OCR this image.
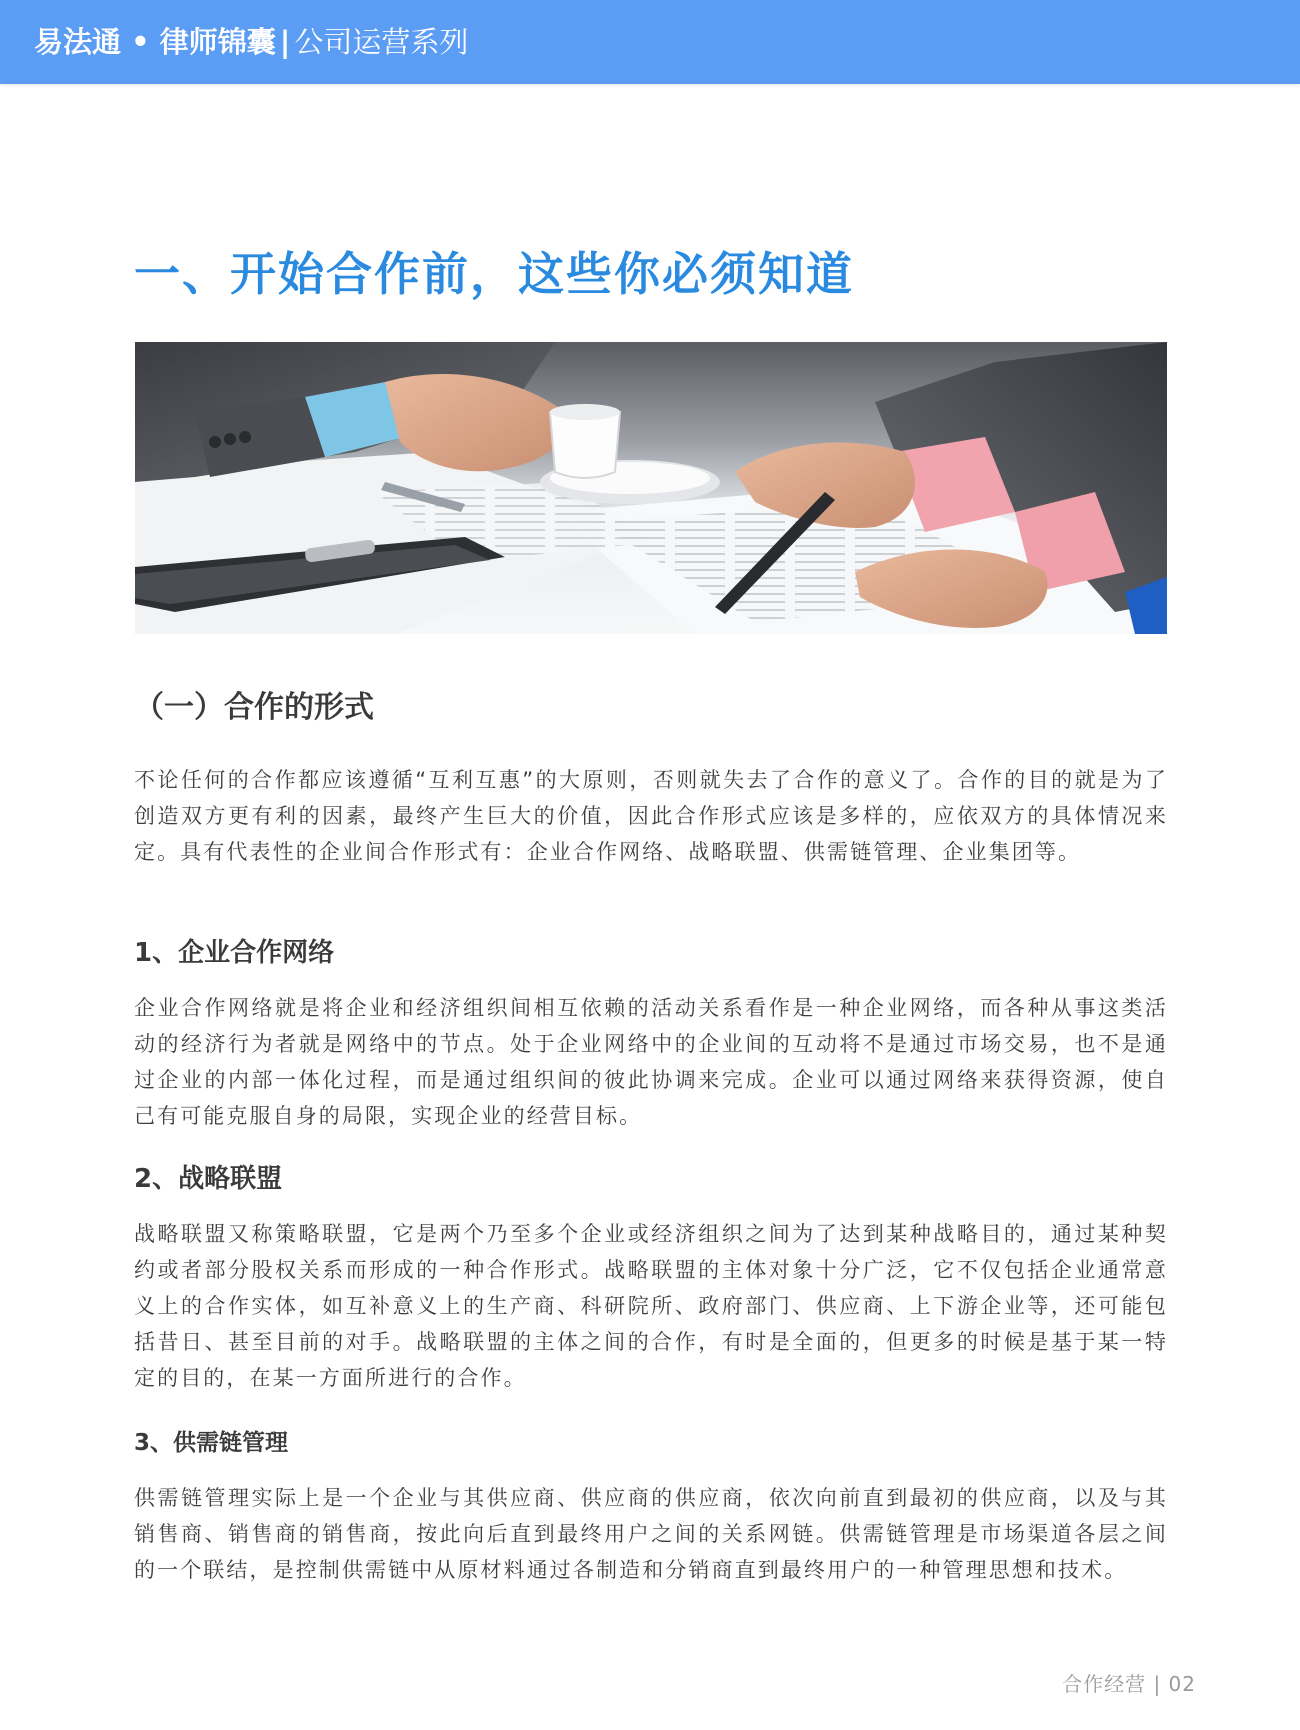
易法通 • 律师锦囊 | 公司运营系列
一、开始合作前，这些你必须知道
（一）合作的形式

不论任何的合作都应该遵循“互利互惠”的大原则，否则就失去了合作的意义了。合作的目的就是为了创造双方更有利的因素，最终产生巨大的价值，因此合作形式应该是多样的，应依双方的具体情况来定。具有代表性的企业间合作形式有：企业合作网络、战略联盟、供需链管理、企业集团等。

1、企业合作网络

企业合作网络就是将企业和经济组织间相互依赖的活动关系看作是一种企业网络，而各种从事这类活动的经济行为者就是网络中的节点。处于企业网络中的企业间的互动将不是通过市场交易，也不是通过企业的内部一体化过程，而是通过组织间的彼此协调来完成。企业可以通过网络来获得资源，使自己有可能克服自身的局限，实现企业的经营目标。

2、战略联盟

战略联盟又称策略联盟，它是两个乃至多个企业或经济组织之间为了达到某种战略目的，通过某种契约或者部分股权关系而形成的一种合作形式。战略联盟的主体对象十分广泛，它不仅包括企业通常意义上的合作实体，如互补意义上的生产商、科研院所、政府部门、供应商、上下游企业等，还可能包括昔日、甚至目前的对手。战略联盟的主体之间的合作，有时是全面的，但更多的时候是基于某一特定的目的，在某一方面所进行的合作。

3、供需链管理

供需链管理实际上是一个企业与其供应商、供应商的供应商，依次向前直到最初的供应商，以及与其销售商、销售商的销售商，按此向后直到最终用户之间的关系网链。供需链管理是市场渠道各层之间的一个联结，是控制供需链中从原材料通过各制造和分销商直到最终用户的一种管理思想和技术。

合作经营 | 02
